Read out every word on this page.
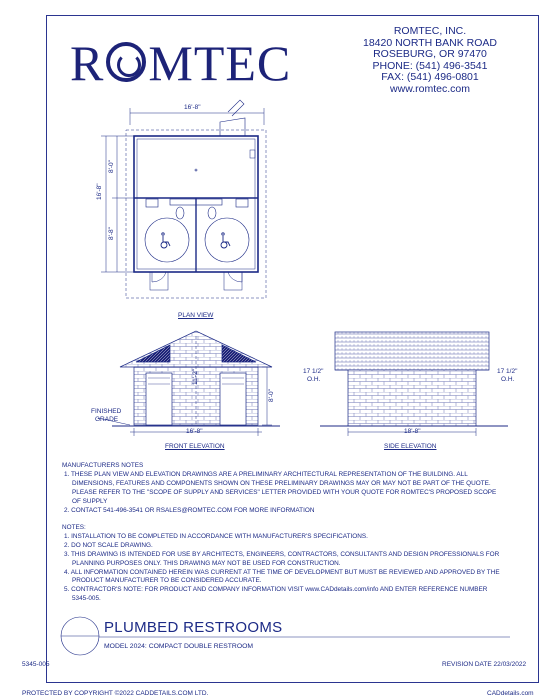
R MTEC
ROMTEC, INC.
18420 NORTH BANK ROAD
ROSEBURG, OR 97470
PHONE: (541) 496-3541
FAX: (541) 496-0801
www.romtec.com
16'-8"
16'-8"
8'-0"
8'-8"
PLAN VIEW
11'-2"
8'-0"
16'-8"
FINISHED
GRADE
FRONT ELEVATION
17 1/2"
O.H.
17 1/2"
O.H.
18'-8"
SIDE ELEVATION
MANUFACTURERS NOTES
1. THESE PLAN VIEW AND ELEVATION DRAWINGS ARE A PRELIMINARY ARCHITECTURAL REPRESENTATION OF THE BUILDING. ALL DIMENSIONS, FEATURES AND COMPONENTS SHOWN ON THESE PRELIMINARY DRAWINGS MAY OR MAY NOT BE PART OF THE QUOTE. PLEASE REFER TO THE "SCOPE OF SUPPLY AND SERVICES" LETTER PROVIDED WITH YOUR QUOTE FOR ROMTEC'S PROPOSED SCOPE OF SUPPLY
2. CONTACT 541-496-3541 OR RSALES@ROMTEC.COM FOR MORE INFORMATION
NOTES:
1. INSTALLATION TO BE COMPLETED IN ACCORDANCE WITH MANUFACTURER'S SPECIFICATIONS.
2. DO NOT SCALE DRAWING.
3. THIS DRAWING IS INTENDED FOR USE BY ARCHITECTS, ENGINEERS, CONTRACTORS, CONSULTANTS AND DESIGN PROFESSIONALS FOR PLANNING PURPOSES ONLY. THIS DRAWING MAY NOT BE USED FOR CONSTRUCTION.
4. ALL INFORMATION CONTAINED HEREIN WAS CURRENT AT THE TIME OF DEVELOPMENT BUT MUST BE REVIEWED AND APPROVED BY THE PRODUCT MANUFACTURER TO BE CONSIDERED ACCURATE.
5. CONTRACTOR'S NOTE: FOR PRODUCT AND COMPANY INFORMATION VISIT www.CADdetails.com/info AND ENTER REFERENCE NUMBER 5345-005.
PLUMBED RESTROOMS
MODEL 2024: COMPACT DOUBLE RESTROOM
5345-005	REVISION DATE 22/03/2022
PROTECTED BY COPYRIGHT ©2022 CADDETAILS.COM LTD.	CADdetails.com
